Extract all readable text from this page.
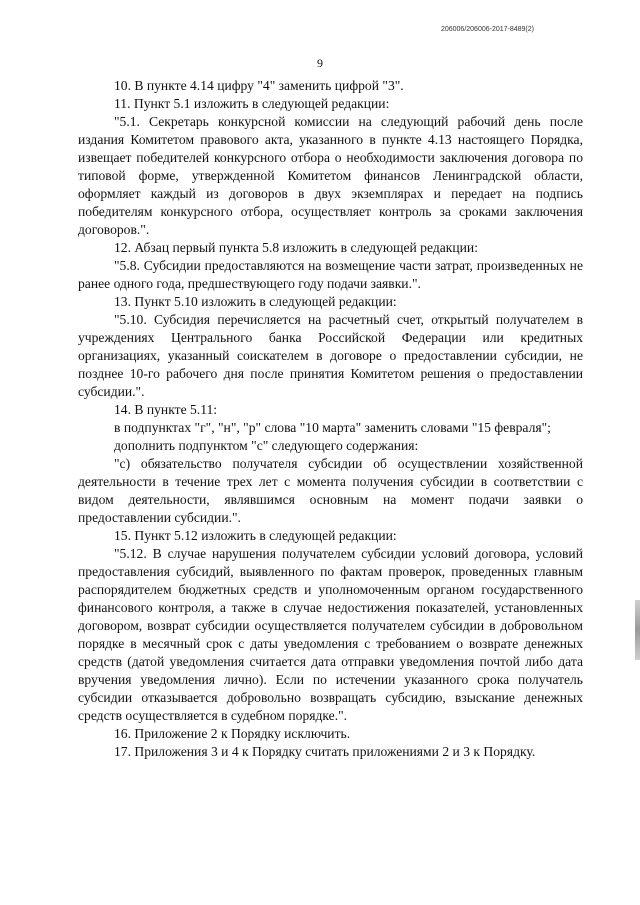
206006/206006-2017-8489(2)
9

10. В пункте 4.14 цифру "4" заменить цифрой "3".

11. Пункт 5.1 изложить в следующей редакции:

"5.1. Секретарь конкурсной комиссии на следующий рабочий день после издания Комитетом правового акта, указанного в пункте 4.13 настоящего Порядка, извещает победителей конкурсного отбора о необходимости заключения договора по типовой форме, утвержденной Комитетом финансов Ленинградской области, оформляет каждый из договоров в двух экземплярах и передает на подпись победителям конкурсного отбора, осуществляет контроль за сроками заключения договоров.".

12. Абзац первый пункта 5.8 изложить в следующей редакции:

"5.8. Субсидии предоставляются на возмещение части затрат, произведенных не ранее одного года, предшествующего году подачи заявки.".

13. Пункт 5.10 изложить в следующей редакции:

"5.10. Субсидия перечисляется на расчетный счет, открытый получателем в учреждениях Центрального банка Российской Федерации или кредитных организациях, указанный соискателем в договоре о предоставлении субсидии, не позднее 10-го рабочего дня после принятия Комитетом решения о предоставлении субсидии.".

14. В пункте 5.11:

в подпунктах "г", "н", "р" слова "10 марта" заменить словами "15 февраля";

дополнить подпунктом "с" следующего содержания:

"с) обязательство получателя субсидии об осуществлении хозяйственной деятельности в течение трех лет с момента получения субсидии в соответствии с видом деятельности, являвшимся основным на момент подачи заявки о предоставлении субсидии.".

15. Пункт 5.12 изложить в следующей редакции:

"5.12. В случае нарушения получателем субсидии условий договора, условий предоставления субсидий, выявленного по фактам проверок, проведенных главным распорядителем бюджетных средств и уполномоченным органом государственного финансового контроля, а также в случае недостижения показателей, установленных договором, возврат субсидии осуществляется получателем субсидии в добровольном порядке в месячный срок с даты уведомления с требованием о возврате денежных средств (датой уведомления считается дата отправки уведомления почтой либо дата вручения уведомления лично). Если по истечении указанного срока получатель субсидии отказывается добровольно возвращать субсидию, взыскание денежных средств осуществляется в судебном порядке.".

16. Приложение 2 к Порядку исключить.

17. Приложения 3 и 4 к Порядку считать приложениями 2 и 3 к Порядку.
